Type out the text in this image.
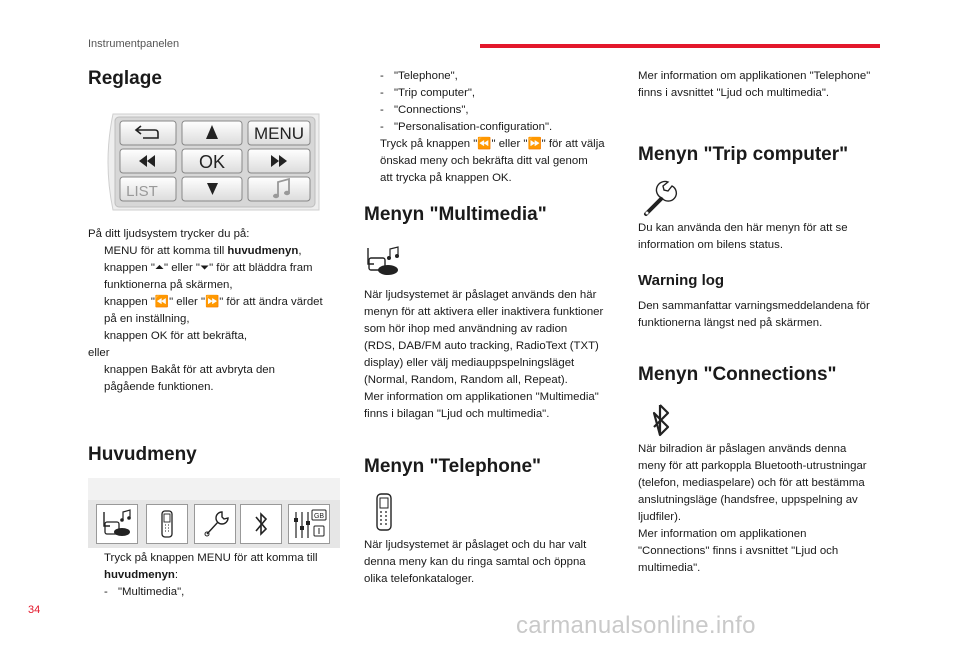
Instrumentpanelen
Reglage
MENU
OK
LIST
På ditt ljudsystem trycker du på:
MENU för att komma till huvudmenyn,
knappen "⏶" eller "⏷" för att bläddra fram
funktionerna på skärmen,
knappen "⏪" eller "⏩" för att ändra värdet
på en inställning,
knappen OK för att bekräfta,
eller
knappen Bakåt för att avbryta den
pågående funktionen.
Huvudmeny
GB
Tryck på knappen MENU för att komma till
huvudmenyn:
- "Multimedia",
- "Telephone",
- "Trip computer",
- "Connections",
- "Personalisation-configuration".
Tryck på knappen "⏪" eller "⏩" för att välja
önskad meny och bekräfta ditt val genom
att trycka på knappen OK.
Menyn "Multimedia"
När ljudsystemet är påslaget används den här
menyn för att aktivera eller inaktivera funktioner
som hör ihop med användning av radion
(RDS, DAB/FM auto tracking, RadioText (TXT)
display) eller välj mediauppspelningsläget
(Normal, Random, Random all, Repeat).
Mer information om applikationen "Multimedia"
finns i bilagan "Ljud och multimedia".
Menyn "Telephone"
När ljudsystemet är påslaget och du har valt
denna meny kan du ringa samtal och öppna
olika telefonkataloger.
Mer information om applikationen "Telephone"
finns i avsnittet "Ljud och multimedia".
Menyn "Trip computer"
Du kan använda den här menyn för att se
information om bilens status.
Warning log
Den sammanfattar varningsmeddelandena för
funktionerna längst ned på skärmen.
Menyn "Connections"
När bilradion är påslagen används denna
meny för att parkoppla Bluetooth-utrustningar
(telefon, mediaspelare) och för att bestämma
anslutningsläge (handsfree, uppspelning av
ljudfiler).
Mer information om applikationen
"Connections" finns i avsnittet "Ljud och
multimedia".
34
carmanualsonline.info
